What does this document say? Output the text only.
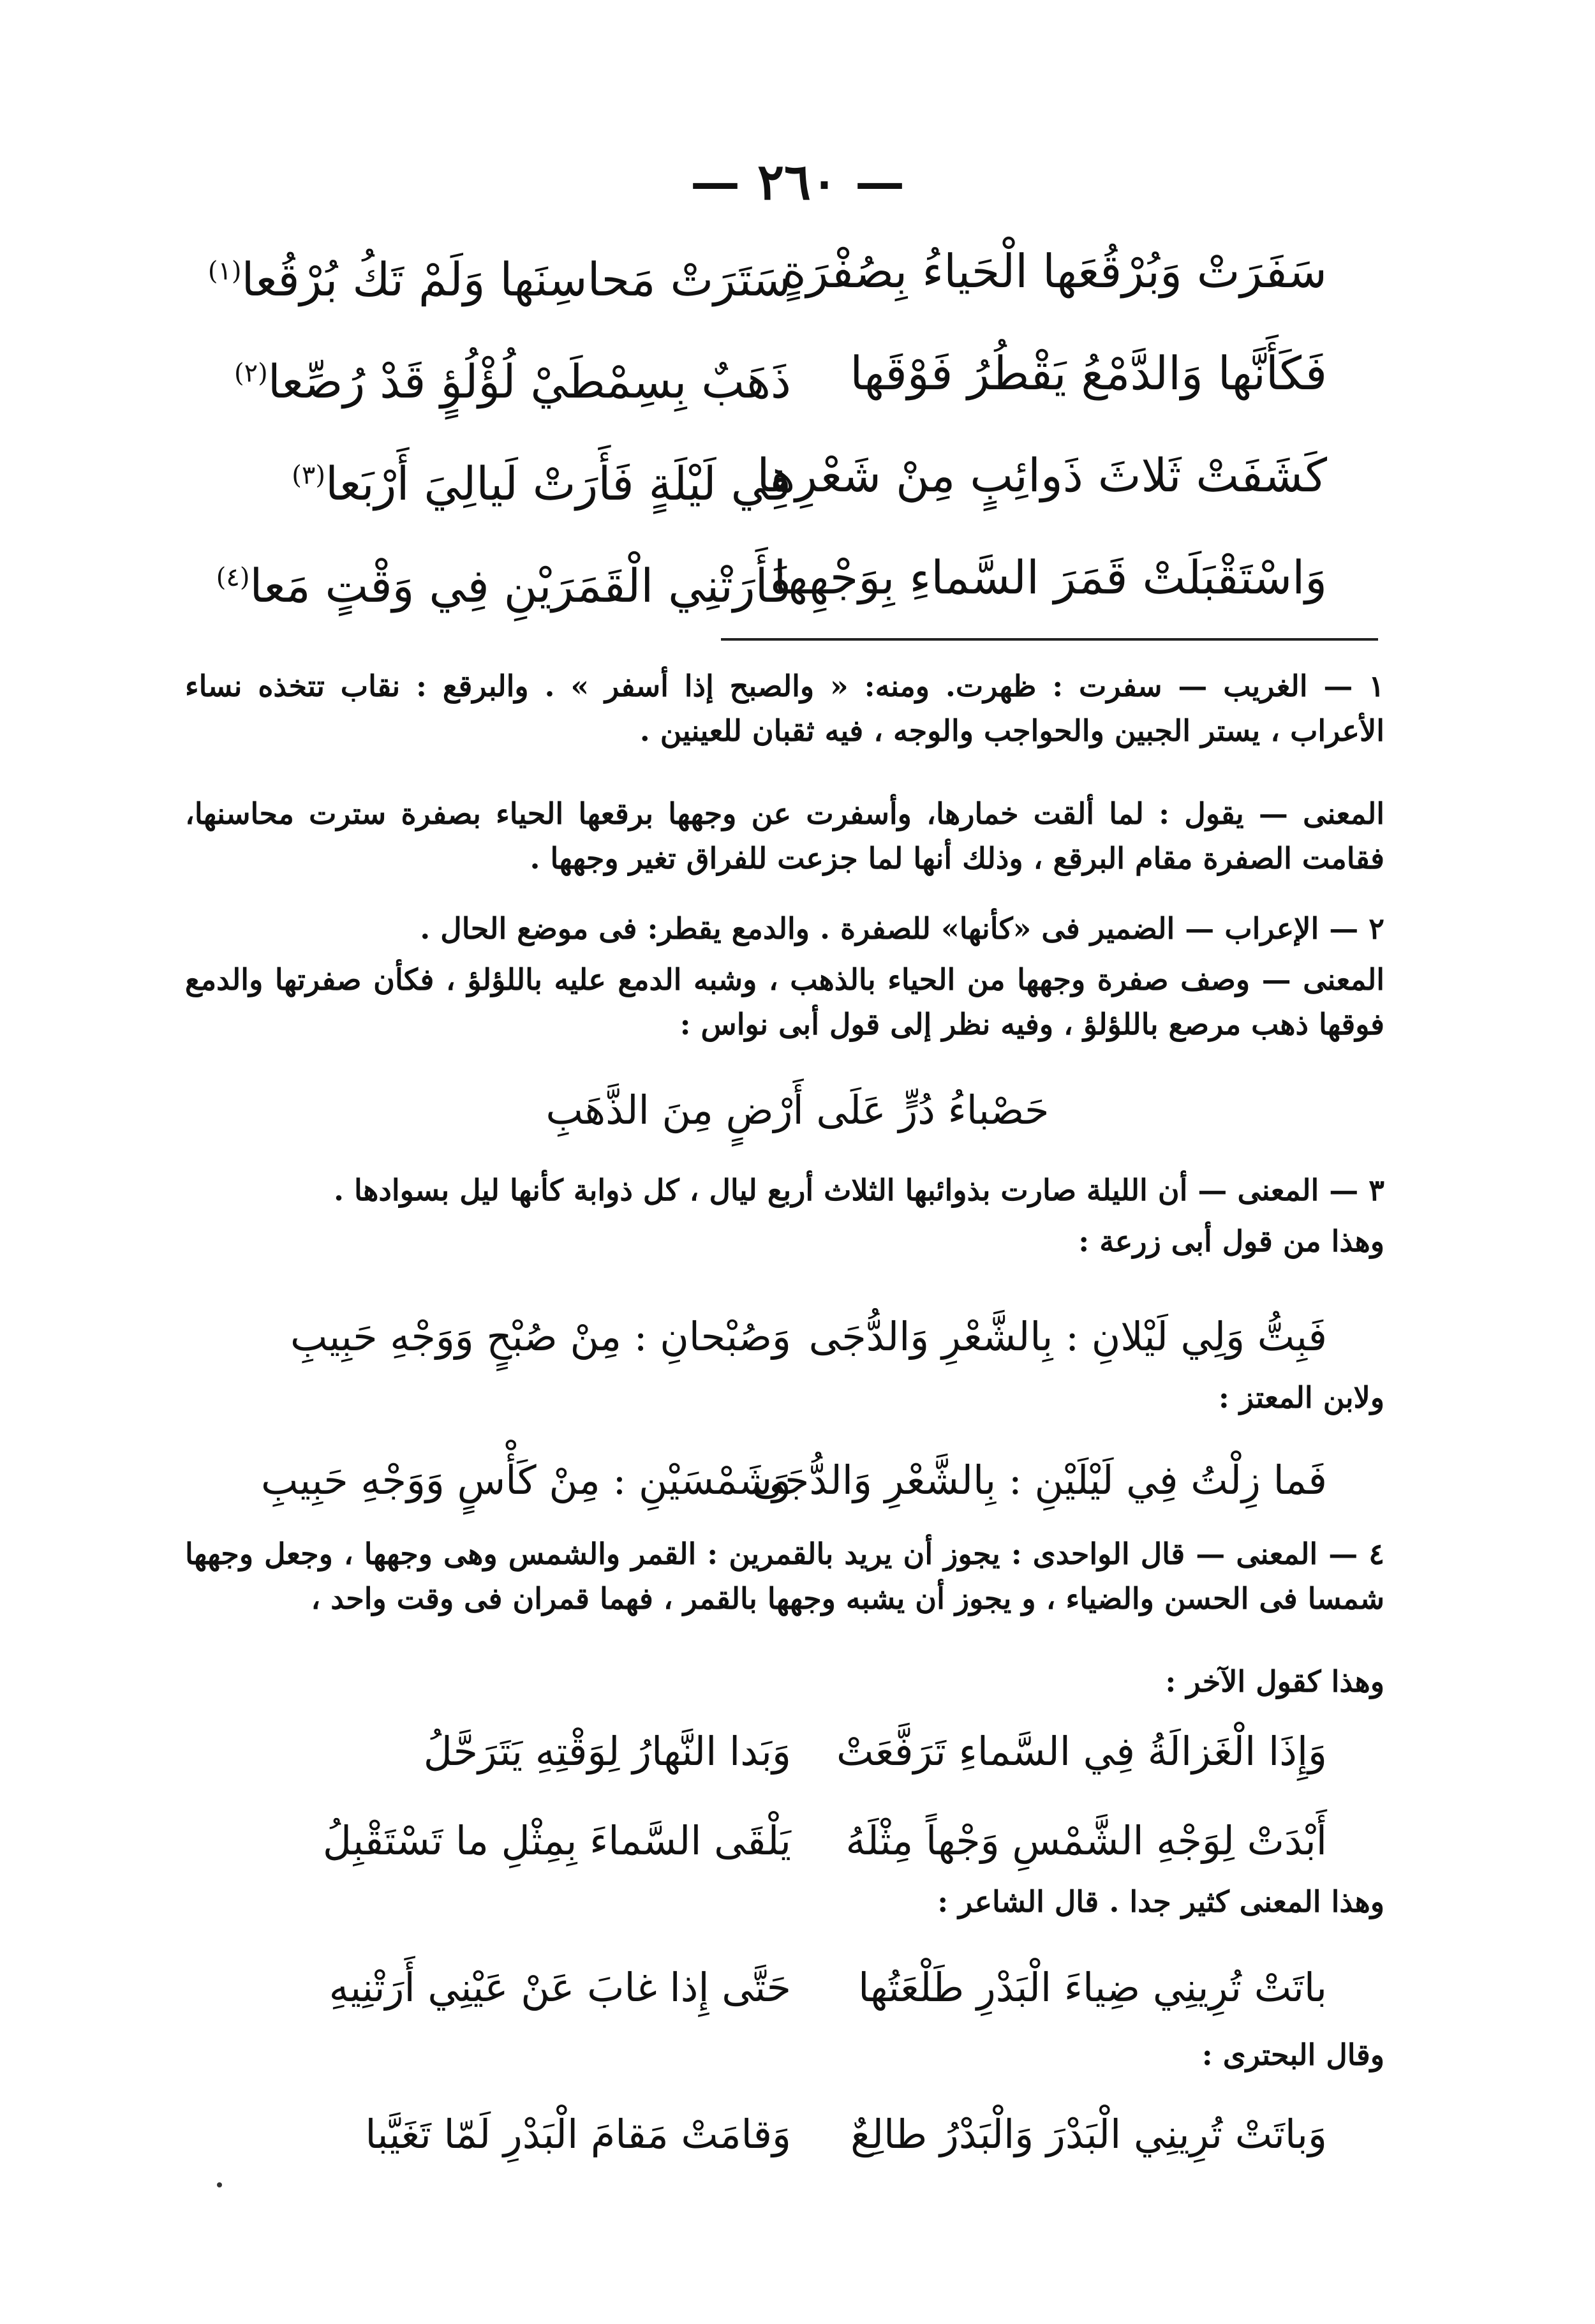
— ٢٦٠ —
سَفَرَتْ وَبُرْقُعَها الْحَياءُ بِصُفْرَةٍ
سَتَرَتْ مَحاسِنَها وَلَمْ تَكُ بُرْقُعا$^{(١)}$
فَكَأَنَّها وَالدَّمْعُ يَقْطُرُ فَوْقَها
ذَهَبٌ بِسِمْطَيْ لُؤْلُؤٍ قَدْ رُصِّعا$^{(٢)}$
كَشَفَتْ ثَلاثَ ذَوائِبٍ مِنْ شَعْرِها
فِي لَيْلَةٍ فَأَرَتْ لَيالِيَ أَرْبَعا$^{(٣)}$
وَاسْتَقْبَلَتْ قَمَرَ السَّماءِ بِوَجْهِها
فَأَرَتْنِي الْقَمَرَيْنِ فِي وَقْتٍ مَعا$^{(٤)}$
١ — الغريب — سفرت : ظهرت. ومنه: « والصبح إذا أسفر » . والبرقع : نقاب تتخذه نساء الأعراب ، يستر الجبين والحواجب والوجه ، فيه ثقبان للعينين .
المعنى — يقول : لما ألقت خمارها، وأسفرت عن وجهها برقعها الحياء بصفرة سترت محاسنها، فقامت الصفرة مقام البرقع ، وذلك أنها لما جزعت للفراق تغير وجهها .
٢ — الإعراب — الضمير فى «كأنها» للصفرة . والدمع يقطر: فى موضع الحال .
المعنى — وصف صفرة وجهها من الحياء بالذهب ، وشبه الدمع عليه باللؤلؤ ، فكأن صفرتها والدمع فوقها ذهب مرصع باللؤلؤ ، وفيه نظر إلى قول أبى نواس :
حَصْباءُ دُرٍّ عَلَى أَرْضٍ مِنَ الذَّهَبِ
٣ — المعنى — أن الليلة صارت بذوائبها الثلاث أربع ليال ، كل ذوابة كأنها ليل بسوادها .
وهذا من قول أبى زرعة :
فَبِتُّ وَلِي لَيْلانِ : بِالشَّعْرِ وَالدُّجَى
وَصُبْحانِ : مِنْ صُبْحٍ وَوَجْهِ حَبِيبِ
ولابن المعتز :
فَما زِلْتُ فِي لَيْلَيْنِ : بِالشَّعْرِ وَالدُّجَى
وَشَمْسَيْنِ : مِنْ كَأْسٍ وَوَجْهِ حَبِيبِ
٤ — المعنى — قال الواحدى : يجوز أن يريد بالقمرين : القمر والشمس وهى وجهها ، وجعل وجهها شمسا فى الحسن والضياء ، و يجوز أن يشبه وجهها بالقمر ، فهما قمران فى وقت واحد ،
وهذا كقول الآخر :
وَإِذَا الْغَزالَةُ فِي السَّماءِ تَرَفَّعَتْ
وَبَدا النَّهارُ لِوَقْتِهِ يَتَرَحَّلُ
أَبْدَتْ لِوَجْهِ الشَّمْسِ وَجْهاً مِثْلَهُ
يَلْقَى السَّماءَ بِمِثْلِ ما تَسْتَقْبِلُ
وهذا المعنى كثير جدا . قال الشاعر :
باتَتْ تُرِينِي ضِياءَ الْبَدْرِ طَلْعَتُها
حَتَّى إِذا غابَ عَنْ عَيْنِي أَرَتْنِيهِ
وقال البحترى :
وَباتَتْ تُرِينِي الْبَدْرَ وَالْبَدْرُ طالِعٌ
وَقامَتْ مَقامَ الْبَدْرِ لَمّا تَغَيَّبا
